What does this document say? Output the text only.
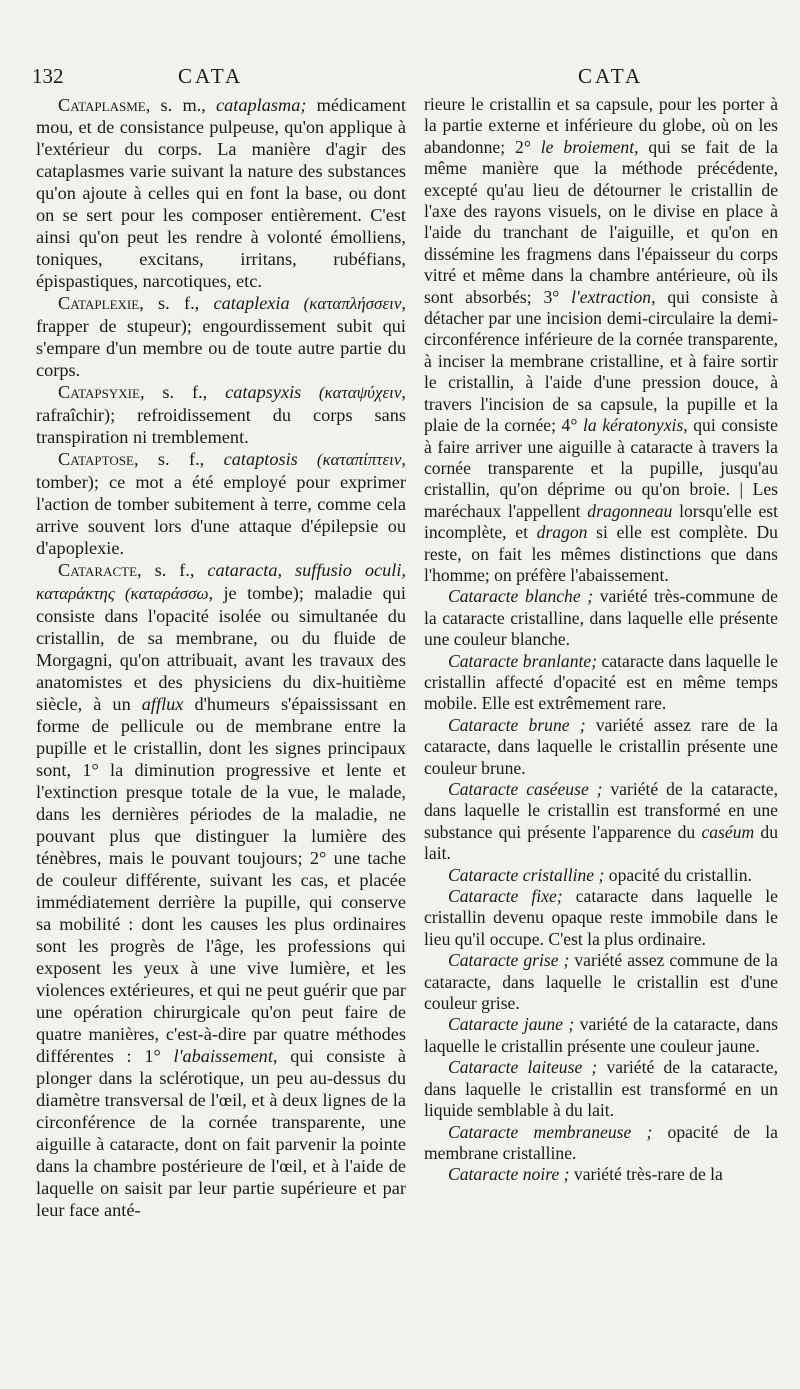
132	CATA	CATA

Cataplasme, s. m., cataplasma; médicament mou, et de consistance pulpeuse, qu'on applique à l'extérieur du corps. La manière d'agir des cataplasmes varie suivant la nature des substances qu'on ajoute à celles qui en font la base, ou dont on se sert pour les composer entièrement. C'est ainsi qu'on peut les rendre à volonté émolliens, toniques, excitans, irritans, rubéfians, épispastiques, narcotiques, etc.

Cataplexie, s. f., cataplexia (καταπλήσσειν, frapper de stupeur); engourdissement subit qui s'empare d'un membre ou de toute autre partie du corps.

Catapsyxie, s. f., catapsyxis (καταψύχειν, rafraîchir); refroidissement du corps sans transpiration ni tremblement.

Cataptose, s. f., cataptosis (καταπίπτειν, tomber); ce mot a été employé pour exprimer l'action de tomber subitement à terre, comme cela arrive souvent lors d'une attaque d'épilepsie ou d'apoplexie.

Cataracte, s. f., cataracta, suffusio oculi, καταράκτης (καταράσσω, je tombe); maladie qui consiste dans l'opacité isolée ou simultanée du cristallin, de sa membrane, ou du fluide de Morgagni, qu'on attribuait, avant les travaux des anatomistes et des physiciens du dix-huitième siècle, à un afflux d'humeurs s'épaississant en forme de pellicule ou de membrane entre la pupille et le cristallin, dont les signes principaux sont, 1° la diminution progressive et lente et l'extinction presque totale de la vue, le malade, dans les dernières périodes de la maladie, ne pouvant plus que distinguer la lumière des ténèbres, mais le pouvant toujours; 2° une tache de couleur différente, suivant les cas, et placée immédiatement derrière la pupille, qui conserve sa mobilité : dont les causes les plus ordinaires sont les progrès de l'âge, les professions qui exposent les yeux à une vive lumière, et les violences extérieures, et qui ne peut guérir que par une opération chirurgicale qu'on peut faire de quatre manières, c'est-à-dire par quatre méthodes différentes : 1° l'abaissement, qui consiste à plonger dans la sclérotique, un peu au-dessus du diamètre transversal de l'œil, et à deux lignes de la circonférence de la cornée transparente, une aiguille à cataracte, dont on fait parvenir la pointe dans la chambre postérieure de l'œil, et à l'aide de laquelle on saisit par leur partie supérieure et par leur face anté-

rieure le cristallin et sa capsule, pour les porter à la partie externe et inférieure du globe, où on les abandonne; 2° le broiement, qui se fait de la même manière que la méthode précédente, excepté qu'au lieu de détourner le cristallin de l'axe des rayons visuels, on le divise en place à l'aide du tranchant de l'aiguille, et qu'on en dissémine les fragmens dans l'épaisseur du corps vitré et même dans la chambre antérieure, où ils sont absorbés; 3° l'extraction, qui consiste à détacher par une incision demi-circulaire la demi-circonférence inférieure de la cornée transparente, à inciser la membrane cristalline, et à faire sortir le cristallin, à l'aide d'une pression douce, à travers l'incision de sa capsule, la pupille et la plaie de la cornée; 4° la kératonyxis, qui consiste à faire arriver une aiguille à cataracte à travers la cornée transparente et la pupille, jusqu'au cristallin, qu'on déprime ou qu'on broie. | Les maréchaux l'appellent dragonneau lorsqu'elle est incomplète, et dragon si elle est complète. Du reste, on fait les mêmes distinctions que dans l'homme; on préfère l'abaissement.

Cataracte blanche ; variété très-commune de la cataracte cristalline, dans laquelle elle présente une couleur blanche.

Cataracte branlante; cataracte dans laquelle le cristallin affecté d'opacité est en même temps mobile. Elle est extrêmement rare.

Cataracte brune ; variété assez rare de la cataracte, dans laquelle le cristallin présente une couleur brune.

Cataracte caséeuse ; variété de la cataracte, dans laquelle le cristallin est transformé en une substance qui présente l'apparence du caséum du lait.

Cataracte cristalline ; opacité du cristallin.

Cataracte fixe; cataracte dans laquelle le cristallin devenu opaque reste immobile dans le lieu qu'il occupe. C'est la plus ordinaire.

Cataracte grise ; variété assez commune de la cataracte, dans laquelle le cristallin est d'une couleur grise.

Cataracte jaune ; variété de la cataracte, dans laquelle le cristallin présente une couleur jaune.

Cataracte laiteuse ; variété de la cataracte, dans laquelle le cristallin est transformé en un liquide semblable à du lait.

Cataracte membraneuse ; opacité de la membrane cristalline.

Cataracte noire ; variété très-rare de la
